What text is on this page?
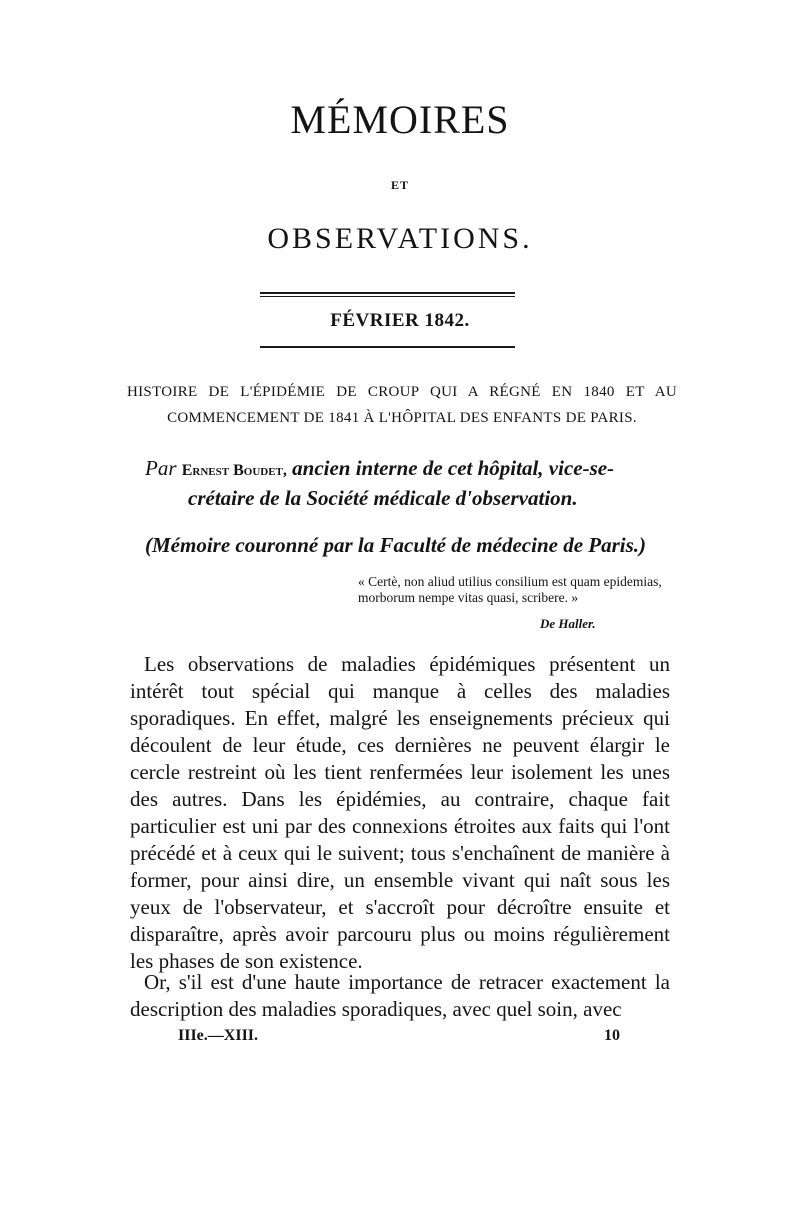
MÉMOIRES
ET
OBSERVATIONS.
FÉVRIER 1842.
HISTOIRE DE L'ÉPIDÉMIE DE CROUP QUI A RÉGNÉ EN 1840 ET AU
COMMENCEMENT DE 1841 À L'HÔPITAL DES ENFANTS DE PARIS.
Par Ernest Boudet, ancien interne de cet hôpital, vice-se-
crétaire de la Société médicale d'observation.
(Mémoire couronné par la Faculté de médecine de Paris.)
« Certè, non aliud utilius consilium est quam epidemias, morborum nempe vitas quasi, scribere. »
De Haller.
Les observations de maladies épidémiques présentent un intérêt tout spécial qui manque à celles des maladies sporadiques. En effet, malgré les enseignements précieux qui découlent de leur étude, ces dernières ne peuvent élargir le cercle restreint où les tient renfermées leur isolement les unes des autres. Dans les épidémies, au contraire, chaque fait particulier est uni par des connexions étroites aux faits qui l'ont précédé et à ceux qui le suivent; tous s'enchaînent de manière à former, pour ainsi dire, un ensemble vivant qui naît sous les yeux de l'observateur, et s'accroît pour décroître ensuite et disparaître, après avoir parcouru plus ou moins régulièrement les phases de son existence.
Or, s'il est d'une haute importance de retracer exactement la description des maladies sporadiques, avec quel soin, avec
IIIe.—XIII.	10
